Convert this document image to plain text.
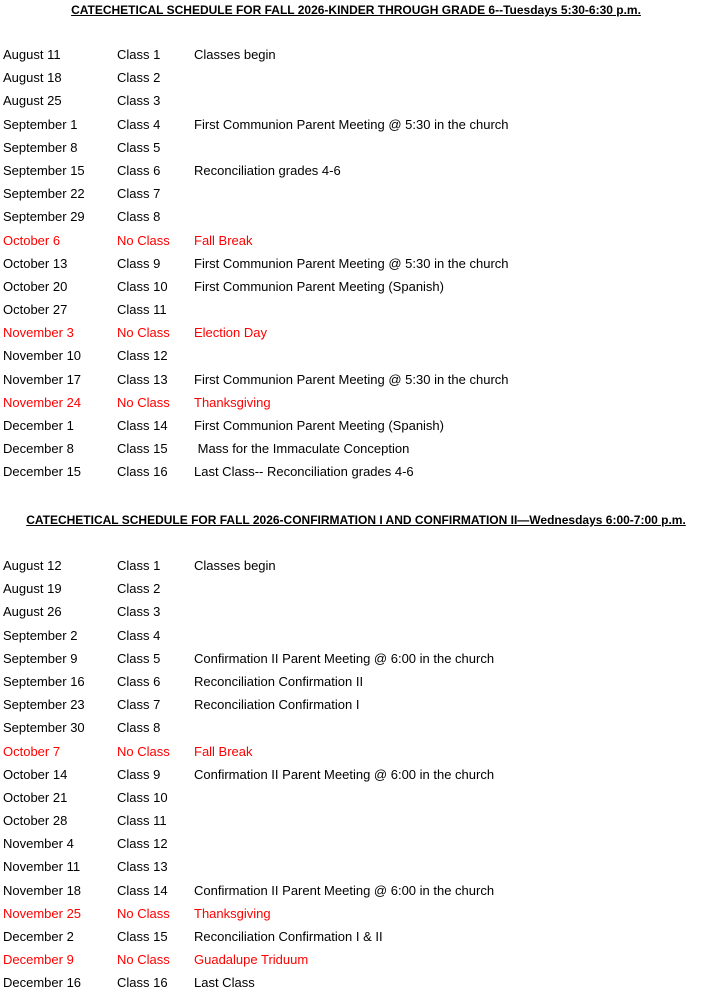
CATECHETICAL SCHEDULE FOR FALL 2026-KINDER THROUGH GRADE 6--Tuesdays 5:30-6:30 p.m.
August 11	Class 1	Classes begin
August 18	Class 2
August 25	Class 3
September 1	Class 4	First Communion Parent Meeting @ 5:30 in the church
September 8	Class 5
September 15 Class 6	Reconciliation grades 4-6
September 22 Class 7
September 29 Class 8
October 6	No Class Fall Break
October 13	Class 9	First Communion Parent Meeting @ 5:30 in the church
October 20	Class 10 First Communion Parent Meeting (Spanish)
October 27	Class 11
November 3	No Class Election Day
November 10	Class 12
November 17	Class 13 First Communion Parent Meeting @ 5:30 in the church
November 24	No Class Thanksgiving
December 1	Class 14 First Communion Parent Meeting (Spanish)
December 8	Class 15 Mass for the Immaculate Conception
December 15	Class 16 Last Class-- Reconciliation grades 4-6
CATECHETICAL SCHEDULE FOR FALL 2026-CONFIRMATION I AND CONFIRMATION II—Wednesdays 6:00-7:00 p.m.
August 12	Class 1	Classes begin
August 19	Class 2
August 26	Class 3
September 2	Class 4
September 9	Class 5	Confirmation II Parent Meeting @ 6:00 in the church
September 16 Class 6	Reconciliation Confirmation II
September 23 Class 7	Reconciliation Confirmation I
September 30 Class 8
October 7	No Class Fall Break
October 14	Class 9	Confirmation II Parent Meeting @ 6:00 in the church
October 21	Class 10
October 28	Class 11
November 4	Class 12
November 11	Class 13
November 18	Class 14 Confirmation II Parent Meeting @ 6:00 in the church
November 25	No Class Thanksgiving
December 2	Class 15 Reconciliation Confirmation I & II
December 9	No Class Guadalupe Triduum
December 16	Class 16 Last Class
